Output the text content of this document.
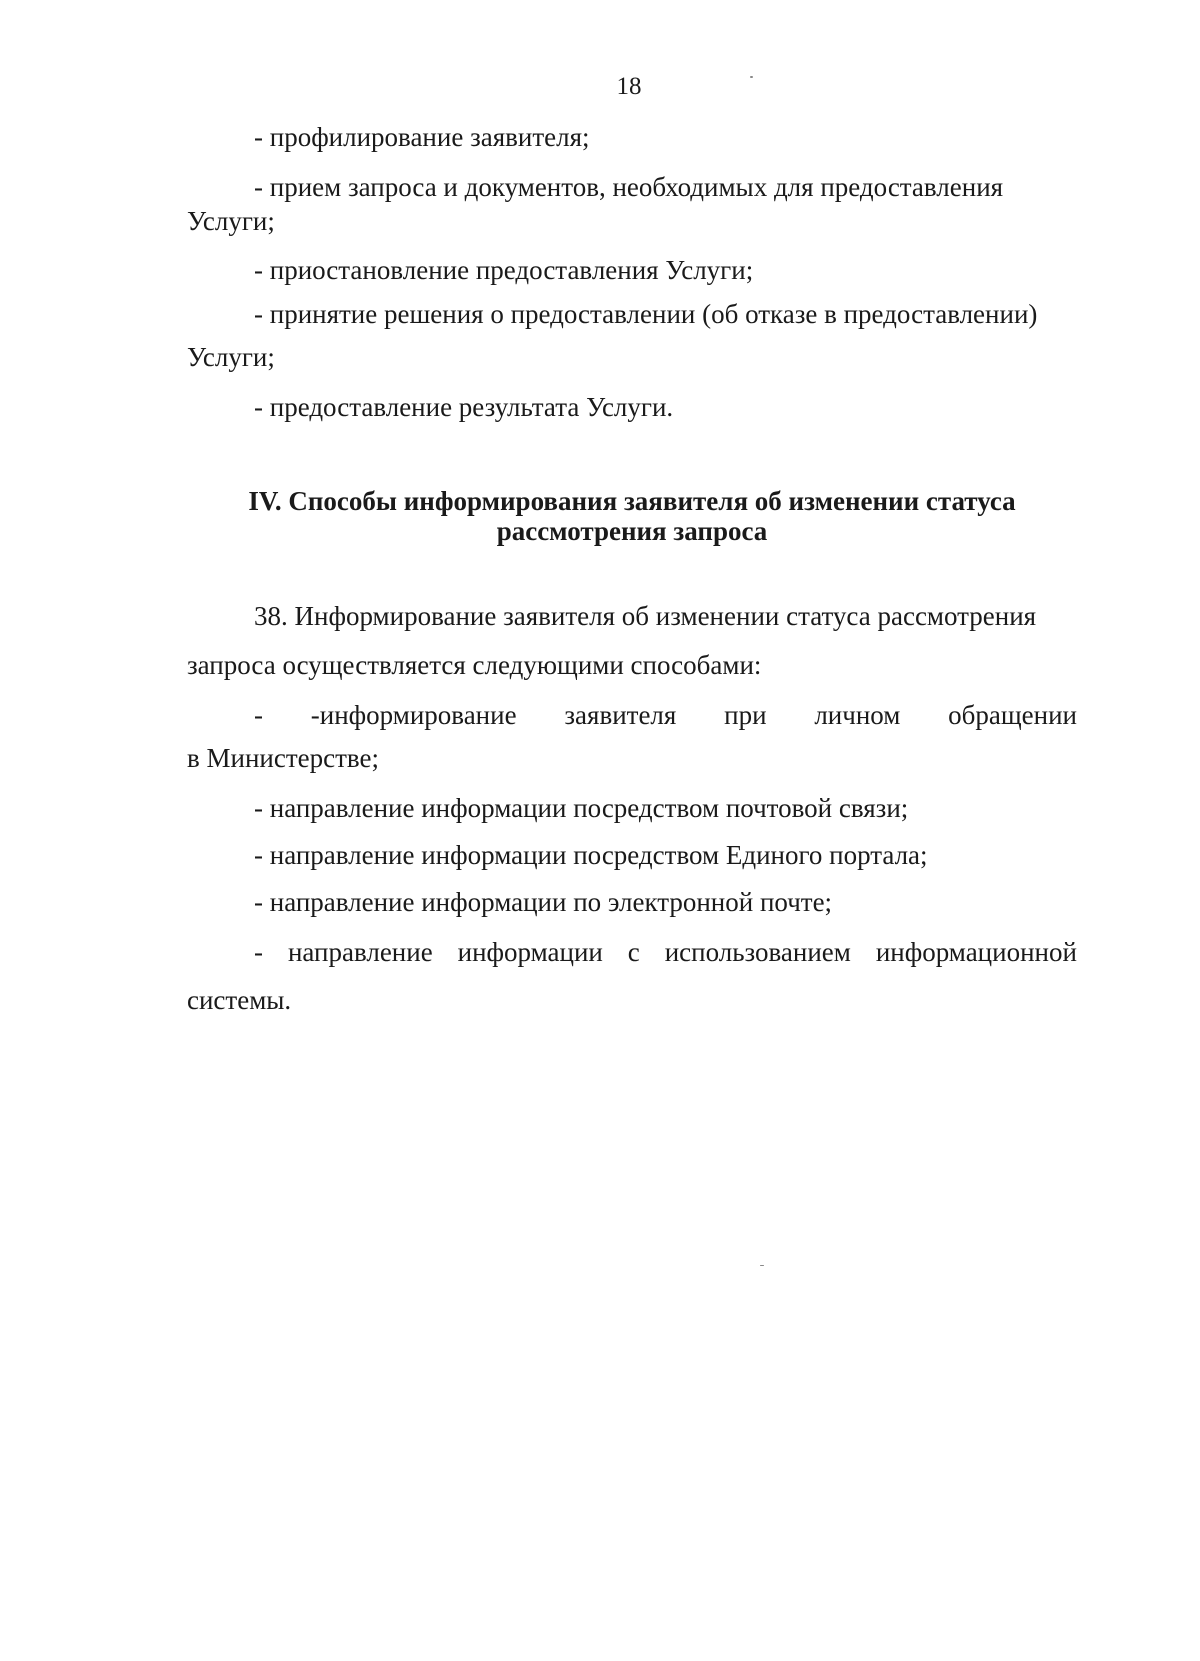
18
- профилирование заявителя;
- прием запроса и документов, необходимых для предоставления
Услуги;
- приостановление предоставления Услуги;
- принятие решения о предоставлении (об отказе в предоставлении)
Услуги;
- предоставление результата Услуги.
IV. Способы информирования заявителя об изменении статуса
рассмотрения запроса
38. Информирование заявителя об изменении статуса рассмотрения
запроса осуществляется следующими способами:
- -информирование заявителя при личном обращении
в Министерстве;
- направление информации посредством почтовой связи;
- направление информации посредством Единого портала;
- направление информации по электронной почте;
- направление информации с использованием информационной
системы.
